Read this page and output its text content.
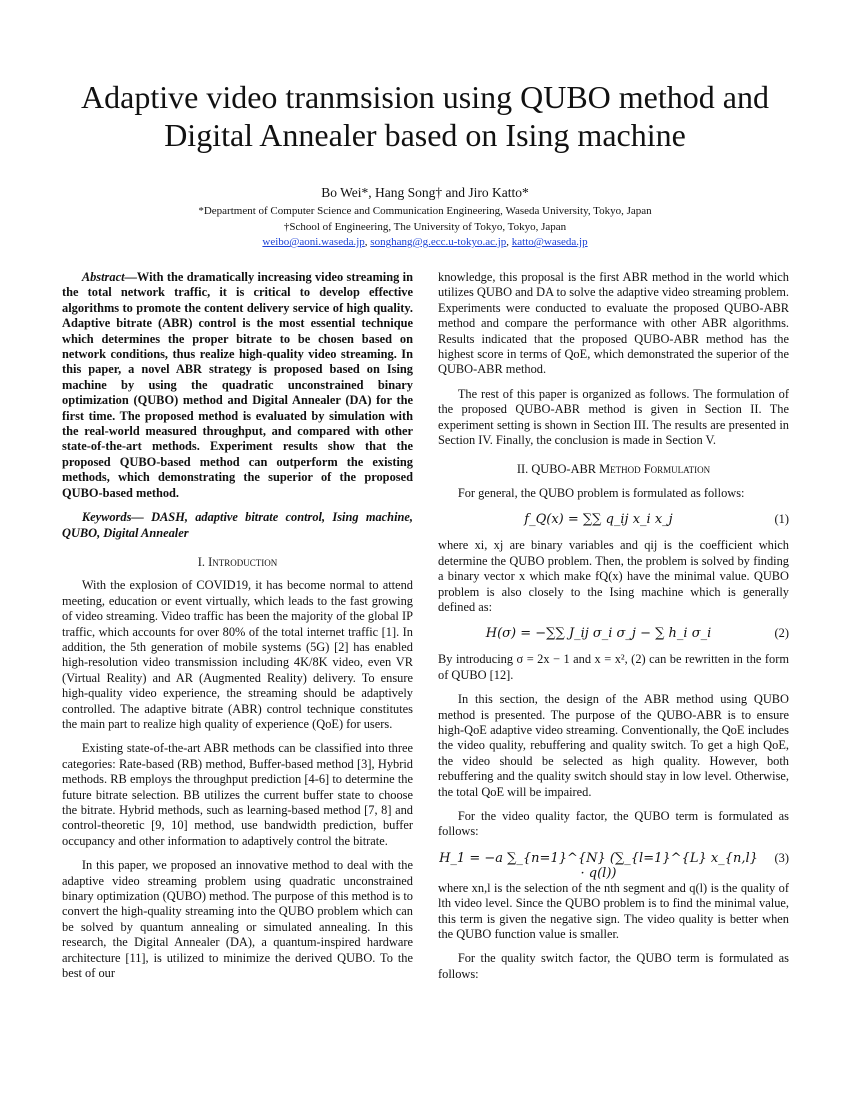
Adaptive video tranmsision using QUBO method and
Digital Annealer based on Ising machine
Bo Wei*, Hang Song† and Jiro Katto*
*Department of Computer Science and Communication Engineering, Waseda University, Tokyo, Japan
†School of Engineering, The University of Tokyo, Tokyo, Japan
weibo@aoni.waseda.jp, songhang@g.ecc.u-tokyo.ac.jp, katto@waseda.jp

Abstract—With the dramatically increasing video streaming in the total network traffic, it is critical to develop effective algorithms to promote the content delivery service of high quality. Adaptive bitrate (ABR) control is the most essential technique which determines the proper bitrate to be chosen based on network conditions, thus realize high-quality video streaming. In this paper, a novel ABR strategy is proposed based on Ising machine by using the quadratic unconstrained binary optimization (QUBO) method and Digital Annealer (DA) for the first time. The proposed method is evaluated by simulation with the real-world measured throughput, and compared with other state-of-the-art methods. Experiment results show that the proposed QUBO-based method can outperform the existing methods, which demonstrating the superior of the proposed QUBO-based method.

Keywords— DASH, adaptive bitrate control, Ising machine, QUBO, Digital Annealer

I. Introduction

With the explosion of COVID19, it has become normal to attend meeting, education or event virtually, which leads to the fast growing of video streaming. Video traffic has been the majority of the global IP traffic, which accounts for over 80% of the total internet traffic [1]. In addition, the 5th generation of mobile systems (5G) [2] has enabled high-resolution video transmission including 4K/8K video, even VR (Virtual Reality) and AR (Augmented Reality) delivery. To ensure high-quality video experience, the streaming should be adaptively controlled. The adaptive bitrate (ABR) control technique constitutes the main part to realize high quality of experience (QoE) for users.

Existing state-of-the-art ABR methods can be classified into three categories: Rate-based (RB) method, Buffer-based method [3], Hybrid methods. RB employs the throughput prediction [4-6] to determine the future bitrate selection. BB utilizes the current buffer state to choose the bitrate. Hybrid methods, such as learning-based method [7, 8] and control-theoretic [9, 10] method, use bandwidth prediction, buffer occupancy and other information to adaptively control the bitrate.

In this paper, we proposed an innovative method to deal with the adaptive video streaming problem using quadratic unconstrained binary optimization (QUBO) method. The purpose of this method is to convert the high-quality streaming into the QUBO problem which can be solved by quantum annealing or simulated annealing. In this research, the Digital Annealer (DA), a quantum-inspired hardware architecture [11], is utilized to minimize the derived QUBO. To the best of our

knowledge, this proposal is the first ABR method in the world which utilizes QUBO and DA to solve the adaptive video streaming problem. Experiments were conducted to evaluate the proposed QUBO-ABR method and compare the performance with other ABR algorithms. Results indicated that the proposed QUBO-ABR method has the highest score in terms of QoE, which demonstrated the superior of the QUBO-ABR method.

The rest of this paper is organized as follows. The formulation of the proposed QUBO-ABR method is given in Section II. The experiment setting is shown in Section III. The results are presented in Section IV. Finally, the conclusion is made in Section V.

II. QUBO-ABR Method Formulation

For general, the QUBO problem is formulated as follows:

f_Q(x) = ∑∑ q_ij x_i x_j	(1)

where xi, xj are binary variables and qij is the coefficient which determine the QUBO problem. Then, the problem is solved by finding a binary vector x which make fQ(x) have the minimal value. QUBO problem is also closely to the Ising machine which is generally defined as:

H(σ) = −∑∑ J_ij σ_i σ_j − ∑ h_i σ_i	(2)

By introducing σ = 2x − 1 and x = x², (2) can be rewritten in the form of QUBO [12].

In this section, the design of the ABR method using QUBO method is presented. The purpose of the QUBO-ABR is to ensure high-QoE adaptive video streaming. Conventionally, the QoE includes the video quality, rebuffering and quality switch. To get a high QoE, the video should be selected as high quality. However, both rebuffering and the quality switch should stay in low level. Otherwise, the total QoE will be impaired.

For the video quality factor, the QUBO term is formulated as follows:

H_1 = −a ∑_{n=1}^{N} (∑_{l=1}^{L} x_{n,l} · q(l))
(3)

where xn,l is the selection of the nth segment and q(l) is the quality of lth video level. Since the QUBO problem is to find the minimal value, this term is given the negative sign. The video quality is better when the QUBO function value is smaller.

For the quality switch factor, the QUBO term is formulated as follows:
